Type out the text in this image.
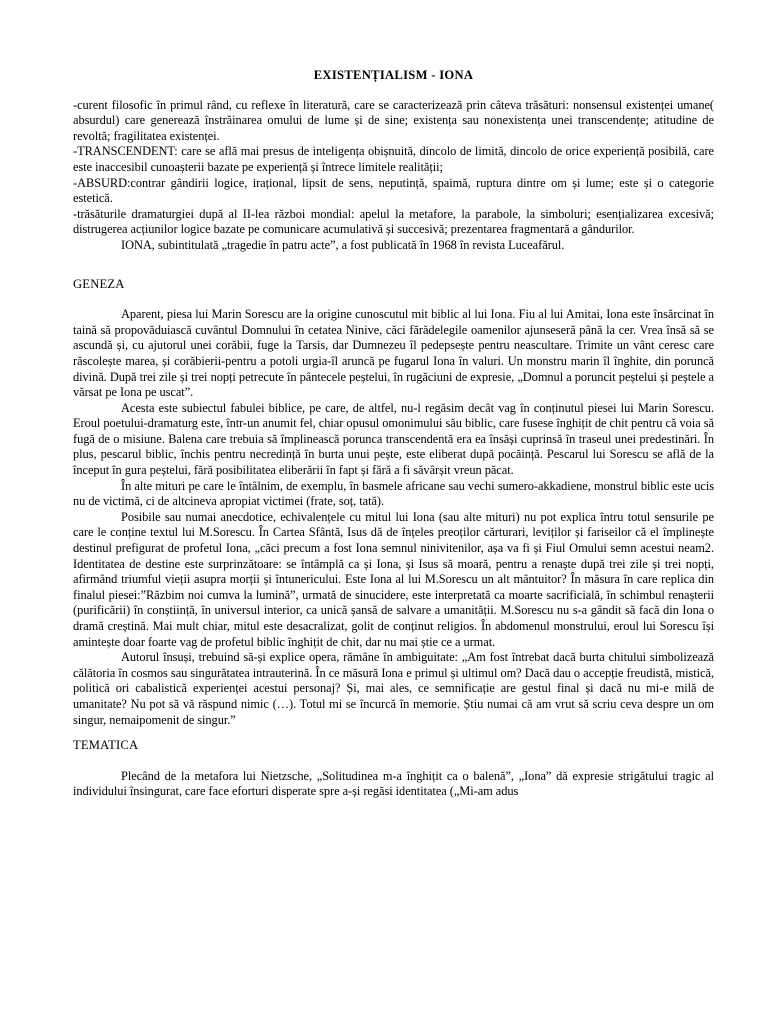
EXISTENȚIALISM - IONA

-curent filosofic în primul rând, cu reflexe în literatură, care se caracterizează prin câteva trăsături: nonsensul existenței umane( absurdul) care generează înstrăinarea omului de lume și de sine; existența sau nonexistența unei transcendențe; atitudine de revoltă; fragilitatea existenței.

-TRANSCENDENT: care se află mai presus de inteligența obișnuită, dincolo de limită, dincolo de orice experiență posibilă, care este inaccesibil cunoașterii bazate pe experiență și întrece limitele realității;

-ABSURD:contrar gândirii logice, irațional, lipsit de sens, neputință, spaimă, ruptura dintre om și lume; este și o categorie estetică.

-trăsăturile dramaturgiei după al II-lea război mondial: apelul la metafore, la parabole, la simboluri; esențializarea excesivă; distrugerea acțiunilor logice bazate pe comunicare acumulativă și succesivă; prezentarea fragmentară a gândurilor.

IONA, subintitulată „tragedie în patru acte”, a fost publicată în 1968 în revista Luceafărul.

GENEZA

Aparent, piesa lui Marin Sorescu are la origine cunoscutul mit biblic al lui Iona. Fiu al lui Amitai, Iona este însărcinat în taină să propovăduiască cuvântul Domnului în cetatea Ninive, căci fărădelegile oamenilor ajunseseră până la cer. Vrea însă să se ascundă și, cu ajutorul unei corăbii, fuge la Tarsis, dar Dumnezeu îl pedepsește pentru neascultare. Trimite un vânt ceresc care răscolește marea, și corăbierii-pentru a potoli urgia-îl aruncă pe fugarul Iona în valuri. Un monstru marin îl înghite, din poruncă divină. După trei zile și trei nopți petrecute în pântecele peștelui, în rugăciuni de expresie, „Domnul a poruncit peștelui și peștele a vărsat pe Iona pe uscat”.

Acesta este subiectul fabulei biblice, pe care, de altfel, nu-l regăsim decât vag în conținutul piesei lui Marin Sorescu. Eroul poetului-dramaturg este, într-un anumit fel, chiar opusul omonimului său biblic, care fusese înghițit de chit pentru că voia să fugă de o misiune. Balena care trebuia să împlinească porunca transcendentă era ea însăși cuprinsă în traseul unei predestinări. În plus, pescarul biblic, închis pentru necredință în burta unui pește, este eliberat după pocăință. Pescarul lui Sorescu se află de la început în gura peștelui, fără posibilitatea eliberării în fapt și fără a fi săvârșit vreun păcat.

În alte mituri pe care le întâlnim, de exemplu, în basmele africane sau vechi sumero-akkadiene, monstrul biblic este ucis nu de victimă, ci de altcineva apropiat victimei (frate, soț, tată).

Posibile sau numai anecdotice, echivalențele cu mitul lui Iona (sau alte mituri) nu pot explica întru totul sensurile pe care le conține textul lui M.Sorescu. În Cartea Sfântă, Isus dă de înțeles preoților cărturari, leviților și fariseilor că el împlinește destinul prefigurat de profetul Iona, „căci precum a fost Iona semnul ninivitenilor, așa va fi și Fiul Omului semn acestui neam2. Identitatea de destine este surprinzătoare: se întâmplă ca și Iona, și Isus să moară, pentru a renaște după trei zile și trei nopți, afirmând triumful vieții asupra morții și întunericului. Este Iona al lui M.Sorescu un alt mântuitor? În măsura în care replica din finalul piesei:”Răzbim noi cumva la lumină”, urmată de sinucidere, este interpretată ca moarte sacrificială, în schimbul renașterii (purificării) în conștiință, în universul interior, ca unică șansă de salvare a umanității. M.Sorescu nu s-a gândit să facă din Iona o dramă creștină. Mai mult chiar, mitul este desacralizat, golit de conținut religios. În abdomenul monstrului, eroul lui Sorescu își amintește doar foarte vag de profetul biblic înghițit de chit, dar nu mai știe ce a urmat.

Autorul însuși, trebuind să-și explice opera, rămâne în ambiguitate: „Am fost întrebat dacă burta chitului simbolizează călătoria în cosmos sau singurătatea intrauterină. În ce măsură Iona e primul și ultimul om? Dacă dau o accepție freudistă, mistică, politică ori cabalistică experienței acestui personaj? Și, mai ales, ce semnificație are gestul final și dacă nu mi-e milă de umanitate? Nu pot să vă răspund nimic (…). Totul mi se încurcă în memorie. Știu numai că am vrut să scriu ceva despre un om singur, nemaipomenit de singur.”

TEMATICA

Plecând de la metafora lui Nietzsche, „Solitudinea m-a înghițit ca o balenă”, „Iona” dă expresie strigătului tragic al individului însingurat, care face eforturi disperate spre a-și regăsi identitatea („Mi-am adus
